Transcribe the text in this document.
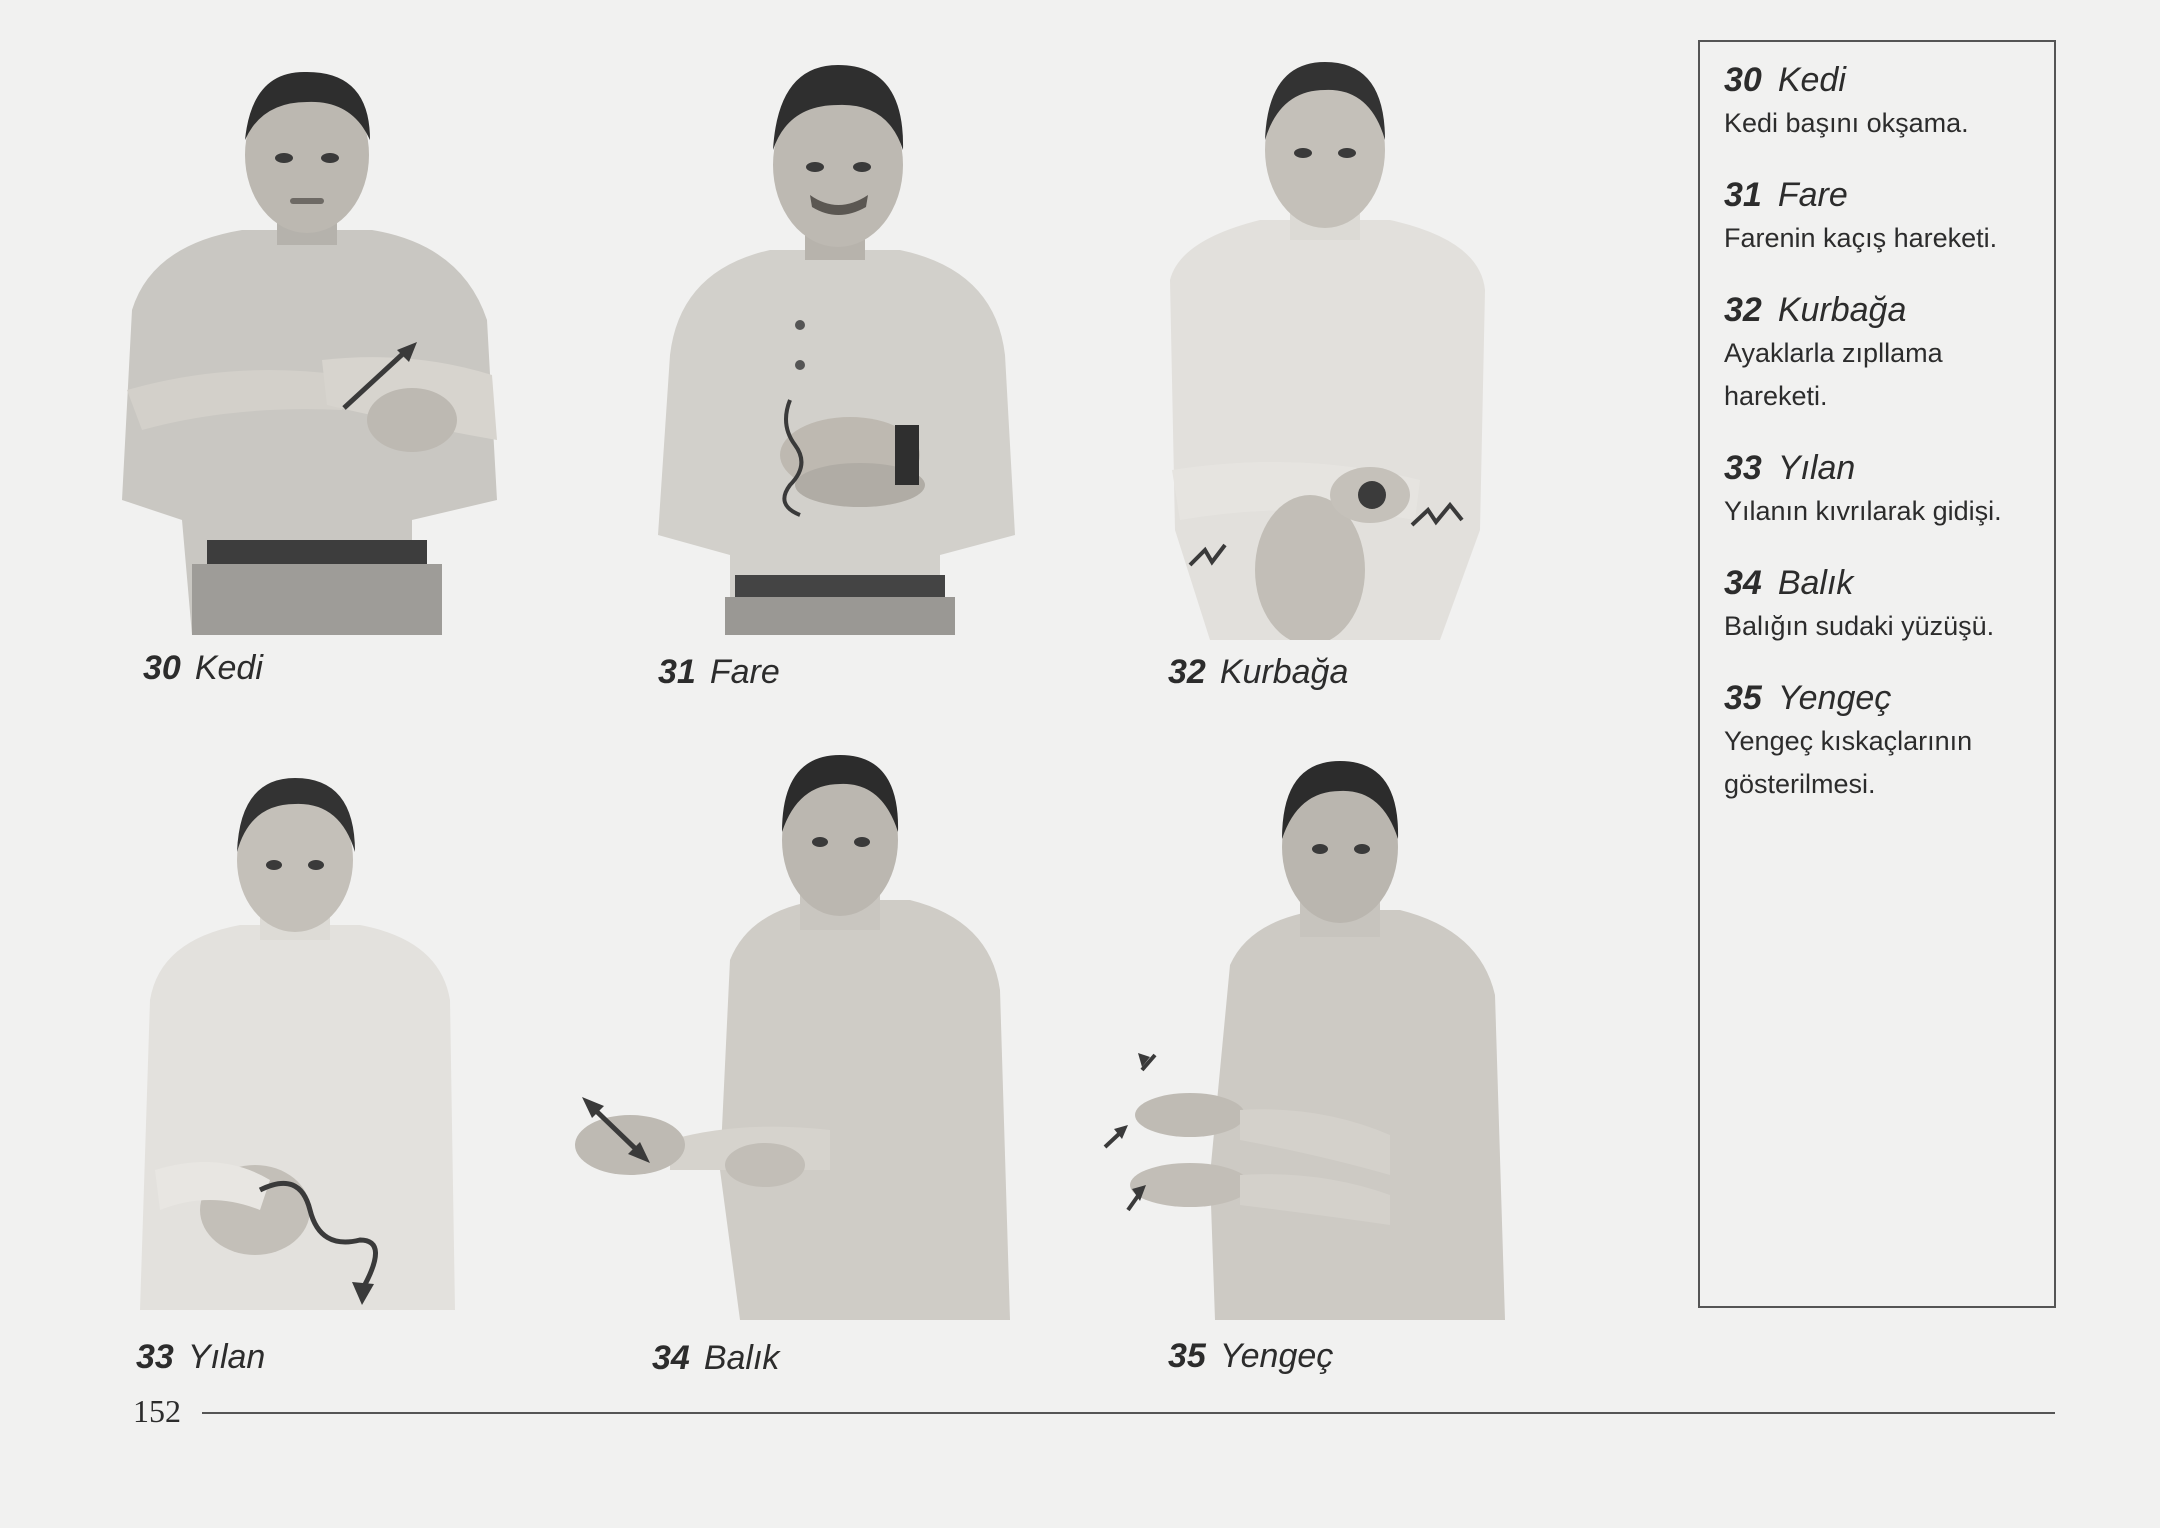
30 Kedi	31 Fare	32 Kurbağa
33 Yılan	34 Balık	35 Yengeç
30 Kedi
Kedi başını okşama.
31 Fare
Farenin kaçış hareketi.
32 Kurbağa
Ayaklarla zıpllama hareketi.
33 Yılan
Yılanın kıvrılarak gidişi.
34 Balık
Balığın sudaki yüzüşü.
35 Yengeç
Yengeç kıskaçlarının gösterilmesi.
152
